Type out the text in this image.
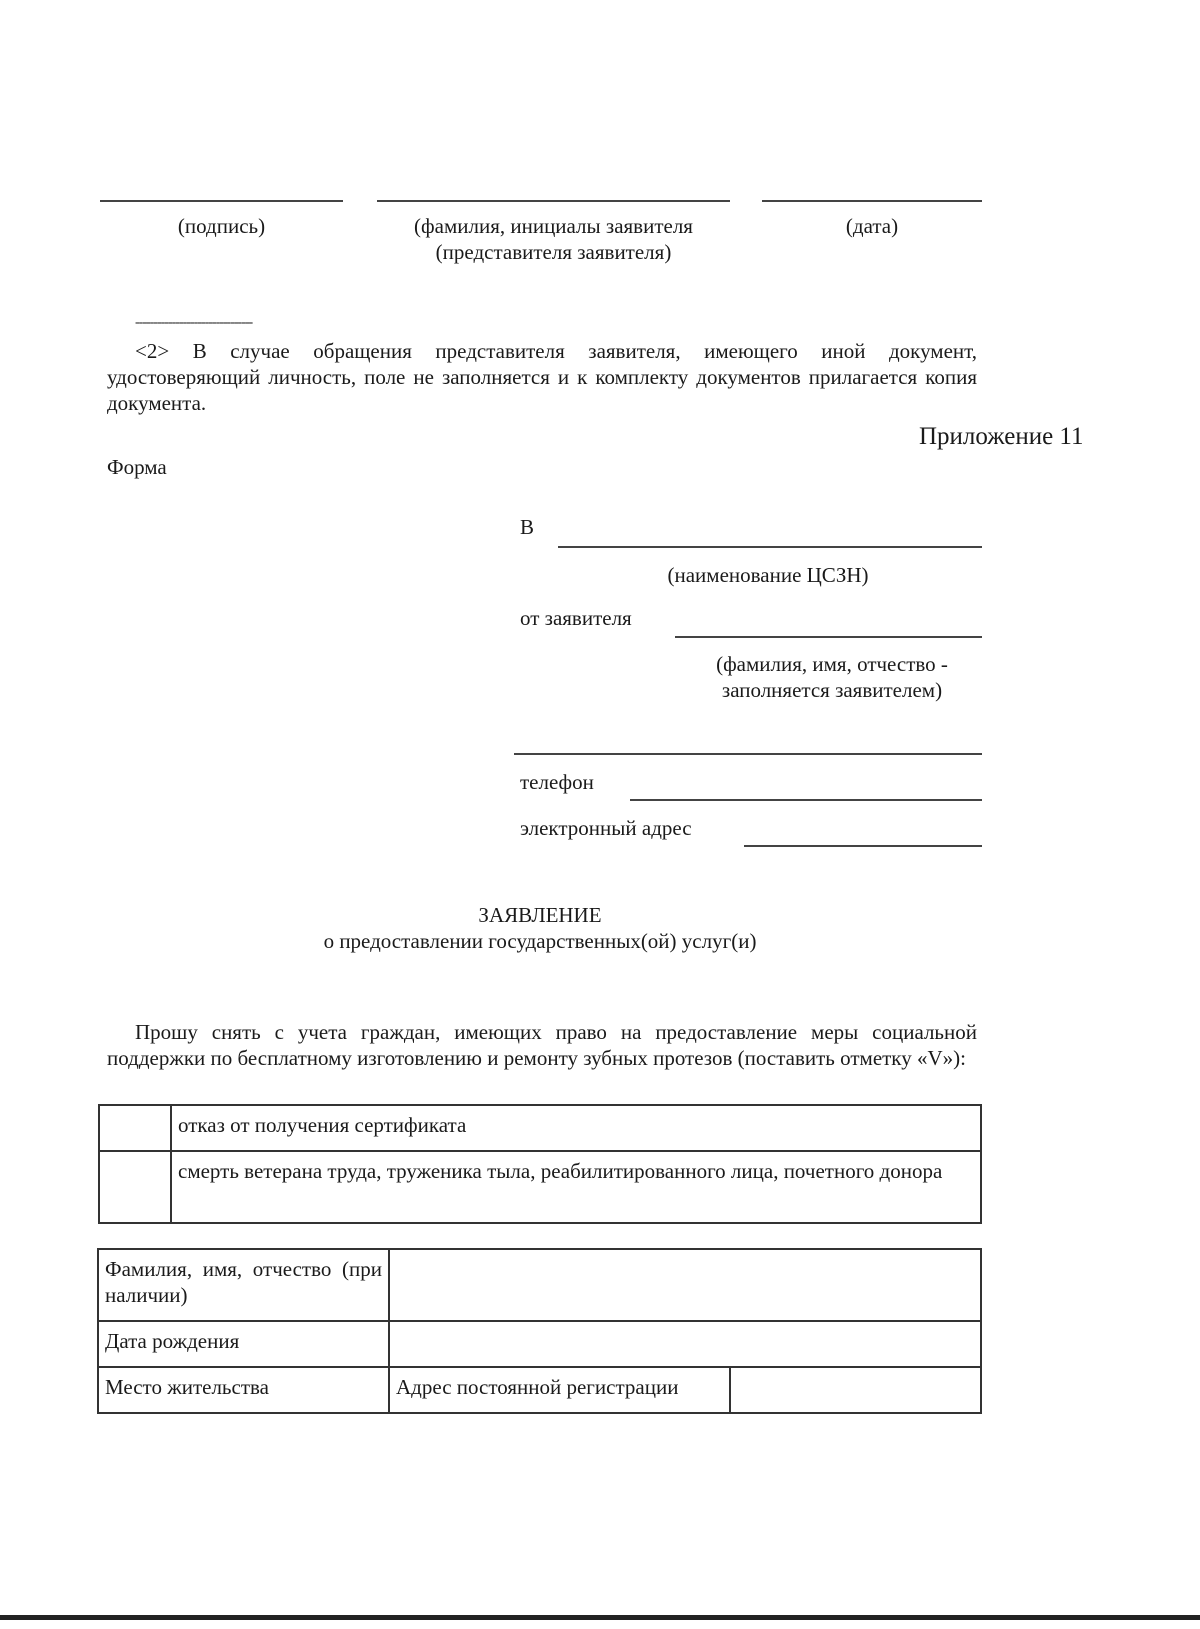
(подпись)	(фамилия, инициалы заявителя
(представителя заявителя)
(дата)
--------------------------------
<2> В случае обращения представителя заявителя, имеющего иной документ, удостоверяющий личность, поле не заполняется и к комплекту документов прилагается копия документа.
Приложение 11
Форма
В
(наименование ЦСЗН)
от заявителя
(фамилия, имя, отчество -
заполняется заявителем)
телефон
электронный адрес
ЗАЯВЛЕНИЕ
о предоставлении государственных(ой) услуг(и)
Прошу снять с учета граждан, имеющих право на предоставление меры социальной поддержки по бесплатному изготовлению и ремонту зубных протезов (поставить отметку «V»):
	отказ от получения сертификата
	смерть ветерана труда, труженика тыла, реабилитированного лица, почетного донора
Фамилия, имя, отчество (при наличии)		
Дата рождения		
Место жительства	Адрес постоянной регистрации	
